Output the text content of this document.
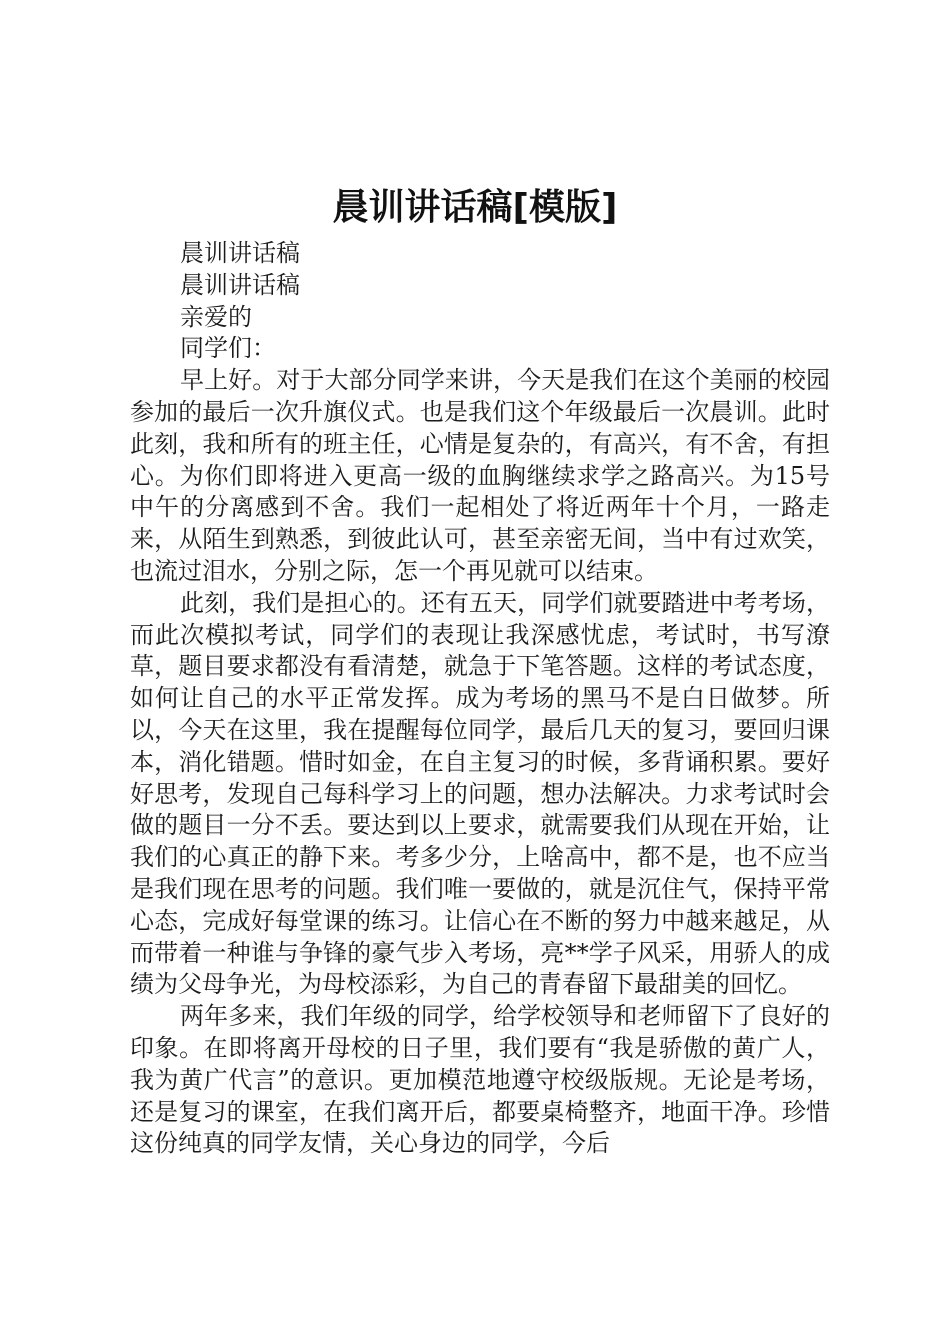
晨训讲话稿[模版]

晨训讲话稿

晨训讲话稿

亲爱的

同学们：

早上好。对于大部分同学来讲，今天是我们在这个美丽的校园参加的最后一次升旗仪式。也是我们这个年级最后一次晨训。此时此刻，我和所有的班主任，心情是复杂的，有高兴，有不舍，有担心。为你们即将进入更高一级的血胸继续求学之路高兴。为15号中午的分离感到不舍。我们一起相处了将近两年十个月，一路走来，从陌生到熟悉，到彼此认可，甚至亲密无间，当中有过欢笑，也流过泪水，分别之际，怎一个再见就可以结束。

此刻，我们是担心的。还有五天，同学们就要踏进中考考场，而此次模拟考试，同学们的表现让我深感忧虑，考试时，书写潦草，题目要求都没有看清楚，就急于下笔答题。这样的考试态度，如何让自己的水平正常发挥。成为考场的黑马不是白日做梦。所以，今天在这里，我在提醒每位同学，最后几天的复习，要回归课本，消化错题。惜时如金，在自主复习的时候，多背诵积累。要好好思考，发现自己每科学习上的问题，想办法解决。力求考试时会做的题目一分不丢。要达到以上要求，就需要我们从现在开始，让我们的心真正的静下来。考多少分，上啥高中，都不是，也不应当是我们现在思考的问题。我们唯一要做的，就是沉住气，保持平常心态，完成好每堂课的练习。让信心在不断的努力中越来越足，从而带着一种谁与争锋的豪气步入考场，亮**学子风采，用骄人的成绩为父母争光，为母校添彩，为自己的青春留下最甜美的回忆。

两年多来，我们年级的同学，给学校领导和老师留下了良好的印象。在即将离开母校的日子里，我们要有“我是骄傲的黄广人，我为黄广代言”的意识。更加模范地遵守校级版规。无论是考场，还是复习的课室，在我们离开后，都要桌椅整齐，地面干净。珍惜这份纯真的同学友情，关心身边的同学，今后
